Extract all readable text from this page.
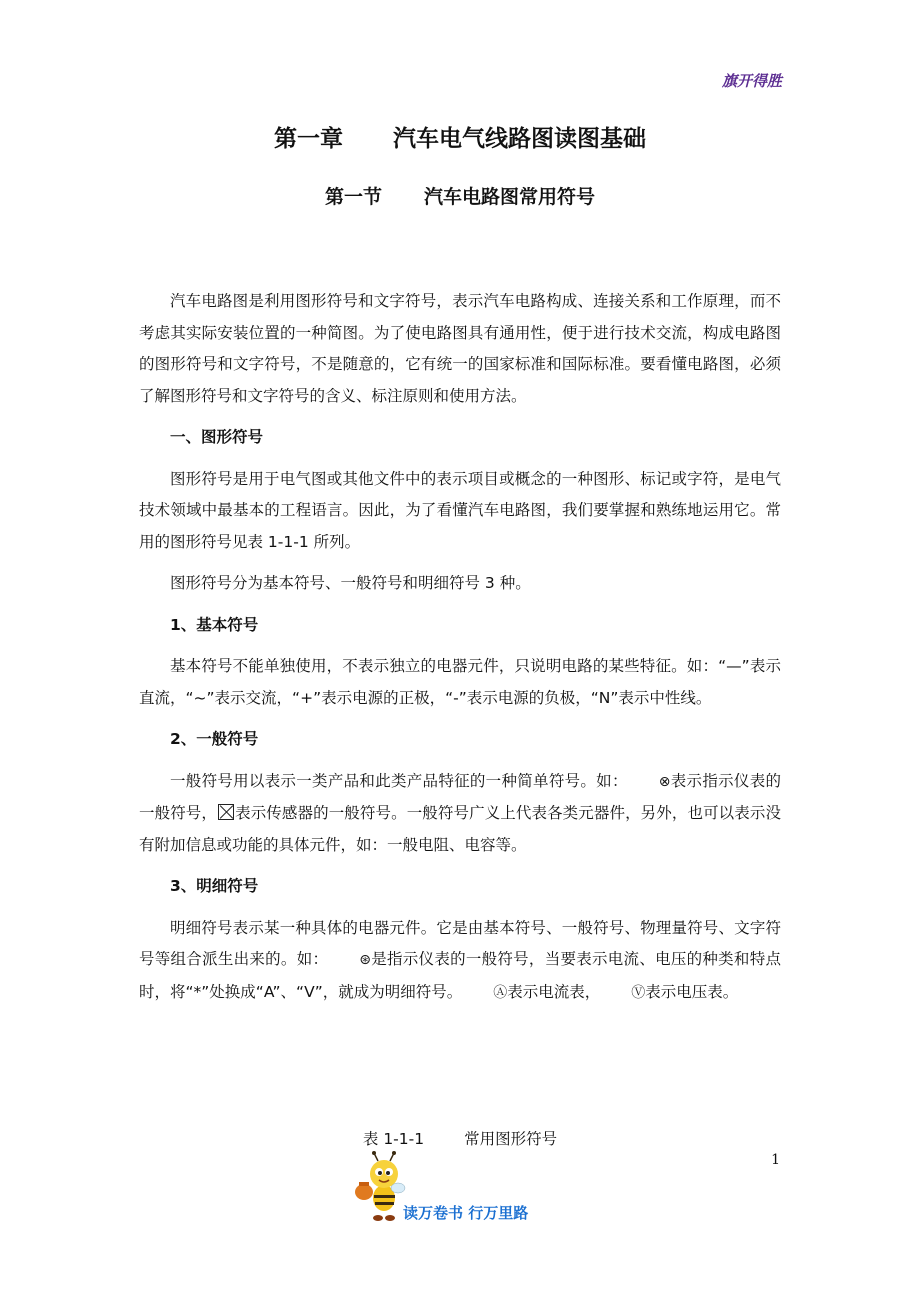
旗开得胜
第一章 汽车电气线路图读图基础
第一节 汽车电路图常用符号

汽车电路图是利用图形符号和文字符号，表示汽车电路构成、连接关系和工作原理，而不考虑其实际安装位置的一种简图。为了使电路图具有通用性，便于进行技术交流，构成电路图的图形符号和文字符号，不是随意的，它有统一的国家标准和国际标准。要看懂电路图，必须了解图形符号和文字符号的含义、标注原则和使用方法。

一、图形符号

图形符号是用于电气图或其他文件中的表示项目或概念的一种图形、标记或字符，是电气技术领域中最基本的工程语言。因此，为了看懂汽车电路图，我们要掌握和熟练地运用它。常用的图形符号见表 1-1-1 所列。

图形符号分为基本符号、一般符号和明细符号 3 种。

1、基本符号

基本符号不能单独使用，不表示独立的电器元件，只说明电路的某些特征。如：“—”表示直流，“~”表示交流，“+”表示电源的正极，“-”表示电源的负极，“N”表示中性线。

2、一般符号

一般符号用以表示一类产品和此类产品特征的一种简单符号。如： ⊗表示指示仪表的一般符号， 表示传感器的一般符号。一般符号广义上代表各类元器件，另外，也可以表示没有附加信息或功能的具体元件，如：一般电阻、电容等。

3、明细符号

明细符号表示某一种具体的电器元件。它是由基本符号、一般符号、物理量符号、文字符号等组合派生出来的。如： ⊛是指示仪表的一般符号，当要表示电流、电压的种类和特点时，将“*”处换成“A”、“V”，就成为明细符号。 Ⓐ表示电流表， Ⓥ表示电压表。

表 1-1-1	常用图形符号
1
读万卷书 行万里路
